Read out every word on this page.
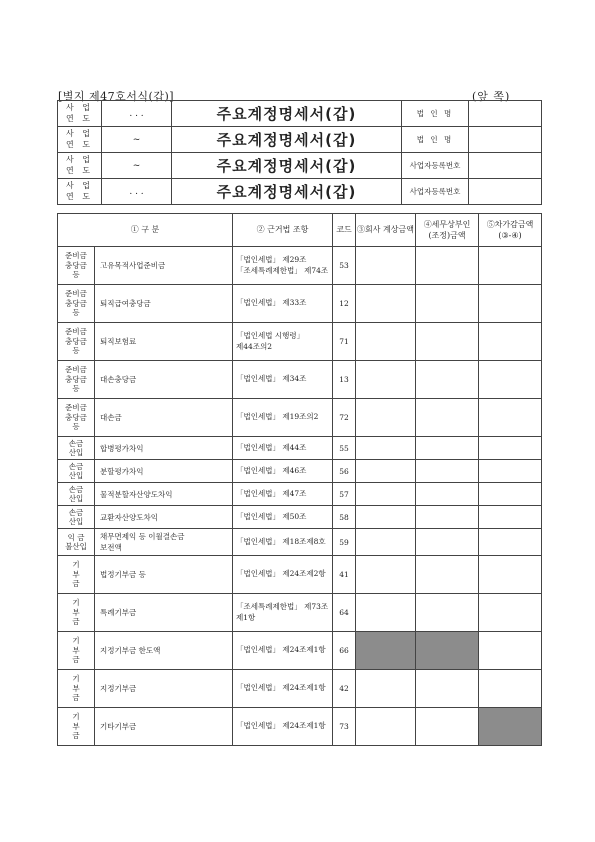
[별지 제47호서식(갑)]	(앞 쪽)
사 업
연 도	. . .	주요계정명세서(갑)	법 인 명	
사 업
연 도	~	주요계정명세서(갑)	법 인 명	
사 업
연 도	~	주요계정명세서(갑)	사업자등록번호	
사 업
연 도	. . .	주요계정명세서(갑)	사업자등록번호	
① 구 분		② 근거법 조항	코드	③회사 계상금액	④세무상부인
(조정)금액	⑤차가감금액
(③-④)
준비금
충당금
등	고유목적사업준비금	「법인세법」 제29조
「조세특례제한법」 제74조	53			
준비금
충당금
등	퇴직급여충당금	「법인세법」 제33조	12			
준비금
충당금
등	퇴직보험료	「법인세법 시행령」
제44조의2	71			
준비금
충당금
등	대손충당금	「법인세법」 제34조	13			
준비금
충당금
등	대손금	「법인세법」 제19조의2	72			
손금
산입	합병평가차익	「법인세법」 제44조	55			
손금
산입	분할평가차익	「법인세법」 제46조	56			
손금
산입	물적분할자산양도차익	「법인세법」 제47조	57			
손금
산입	교환자산양도차익	「법인세법」 제50조	58			
익 금
불산입	채무면제익 등 이월결손금
보전액	「법인세법」 제18조제8호	59			
기
부
금	법정기부금 등	「법인세법」 제24조제2항	41			
기
부
금	특례기부금	「조세특례제한법」 제73조
제1항	64			
기
부
금	지정기부금 한도액	「법인세법」 제24조제1항	66			
기
부
금	지정기부금	「법인세법」 제24조제1항	42			
기
부
금	기타기부금	「법인세법」 제24조제1항	73			
